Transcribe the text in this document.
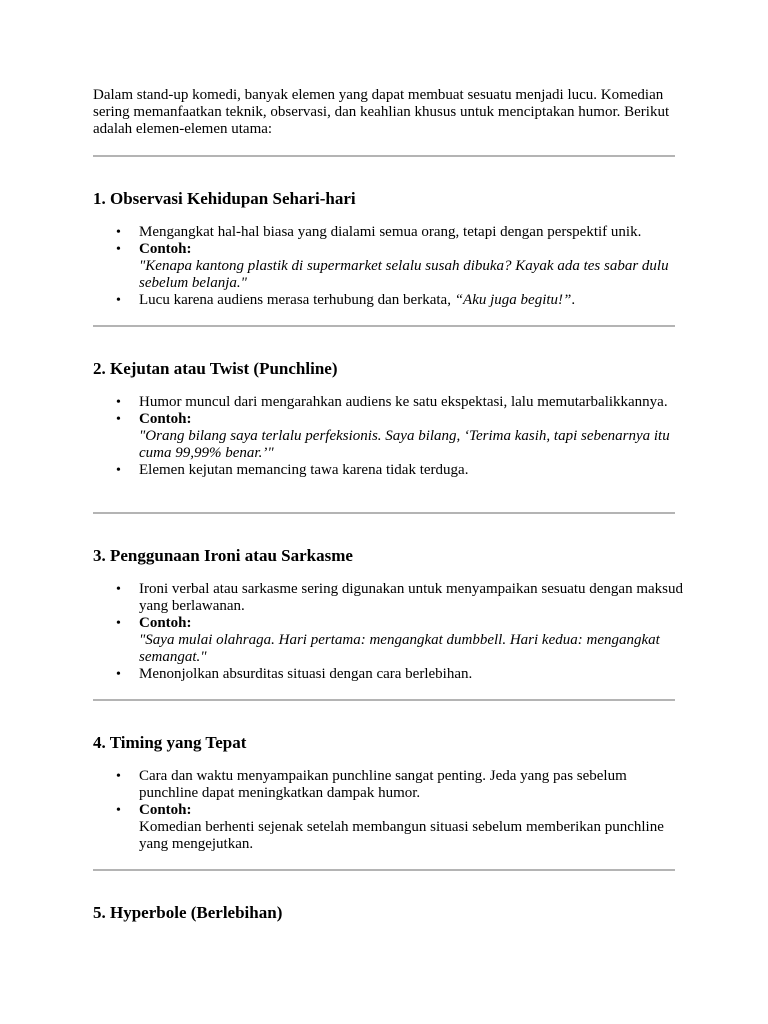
Dalam stand-up komedi, banyak elemen yang dapat membuat sesuatu menjadi lucu. Komedian sering memanfaatkan teknik, observasi, dan keahlian khusus untuk menciptakan humor. Berikut adalah elemen-elemen utama:

1. Observasi Kehidupan Sehari-hari
• Mengangkat hal-hal biasa yang dialami semua orang, tetapi dengan perspektif unik.
• Contoh:
"Kenapa kantong plastik di supermarket selalu susah dibuka? Kayak ada tes sabar dulu sebelum belanja."
• Lucu karena audiens merasa terhubung dan berkata, “Aku juga begitu!”.
2. Kejutan atau Twist (Punchline)
• Humor muncul dari mengarahkan audiens ke satu ekspektasi, lalu memutarbalikkannya.
• Contoh:
"Orang bilang saya terlalu perfeksionis. Saya bilang, ‘Terima kasih, tapi sebenarnya itu cuma 99,99% benar.’"
• Elemen kejutan memancing tawa karena tidak terduga.
3. Penggunaan Ironi atau Sarkasme
• Ironi verbal atau sarkasme sering digunakan untuk menyampaikan sesuatu dengan maksud yang berlawanan.
• Contoh:
"Saya mulai olahraga. Hari pertama: mengangkat dumbbell. Hari kedua: mengangkat semangat."
• Menonjolkan absurditas situasi dengan cara berlebihan.
4. Timing yang Tepat
• Cara dan waktu menyampaikan punchline sangat penting. Jeda yang pas sebelum punchline dapat meningkatkan dampak humor.
• Contoh:
Komedian berhenti sejenak setelah membangun situasi sebelum memberikan punchline yang mengejutkan.
5. Hyperbole (Berlebihan)
